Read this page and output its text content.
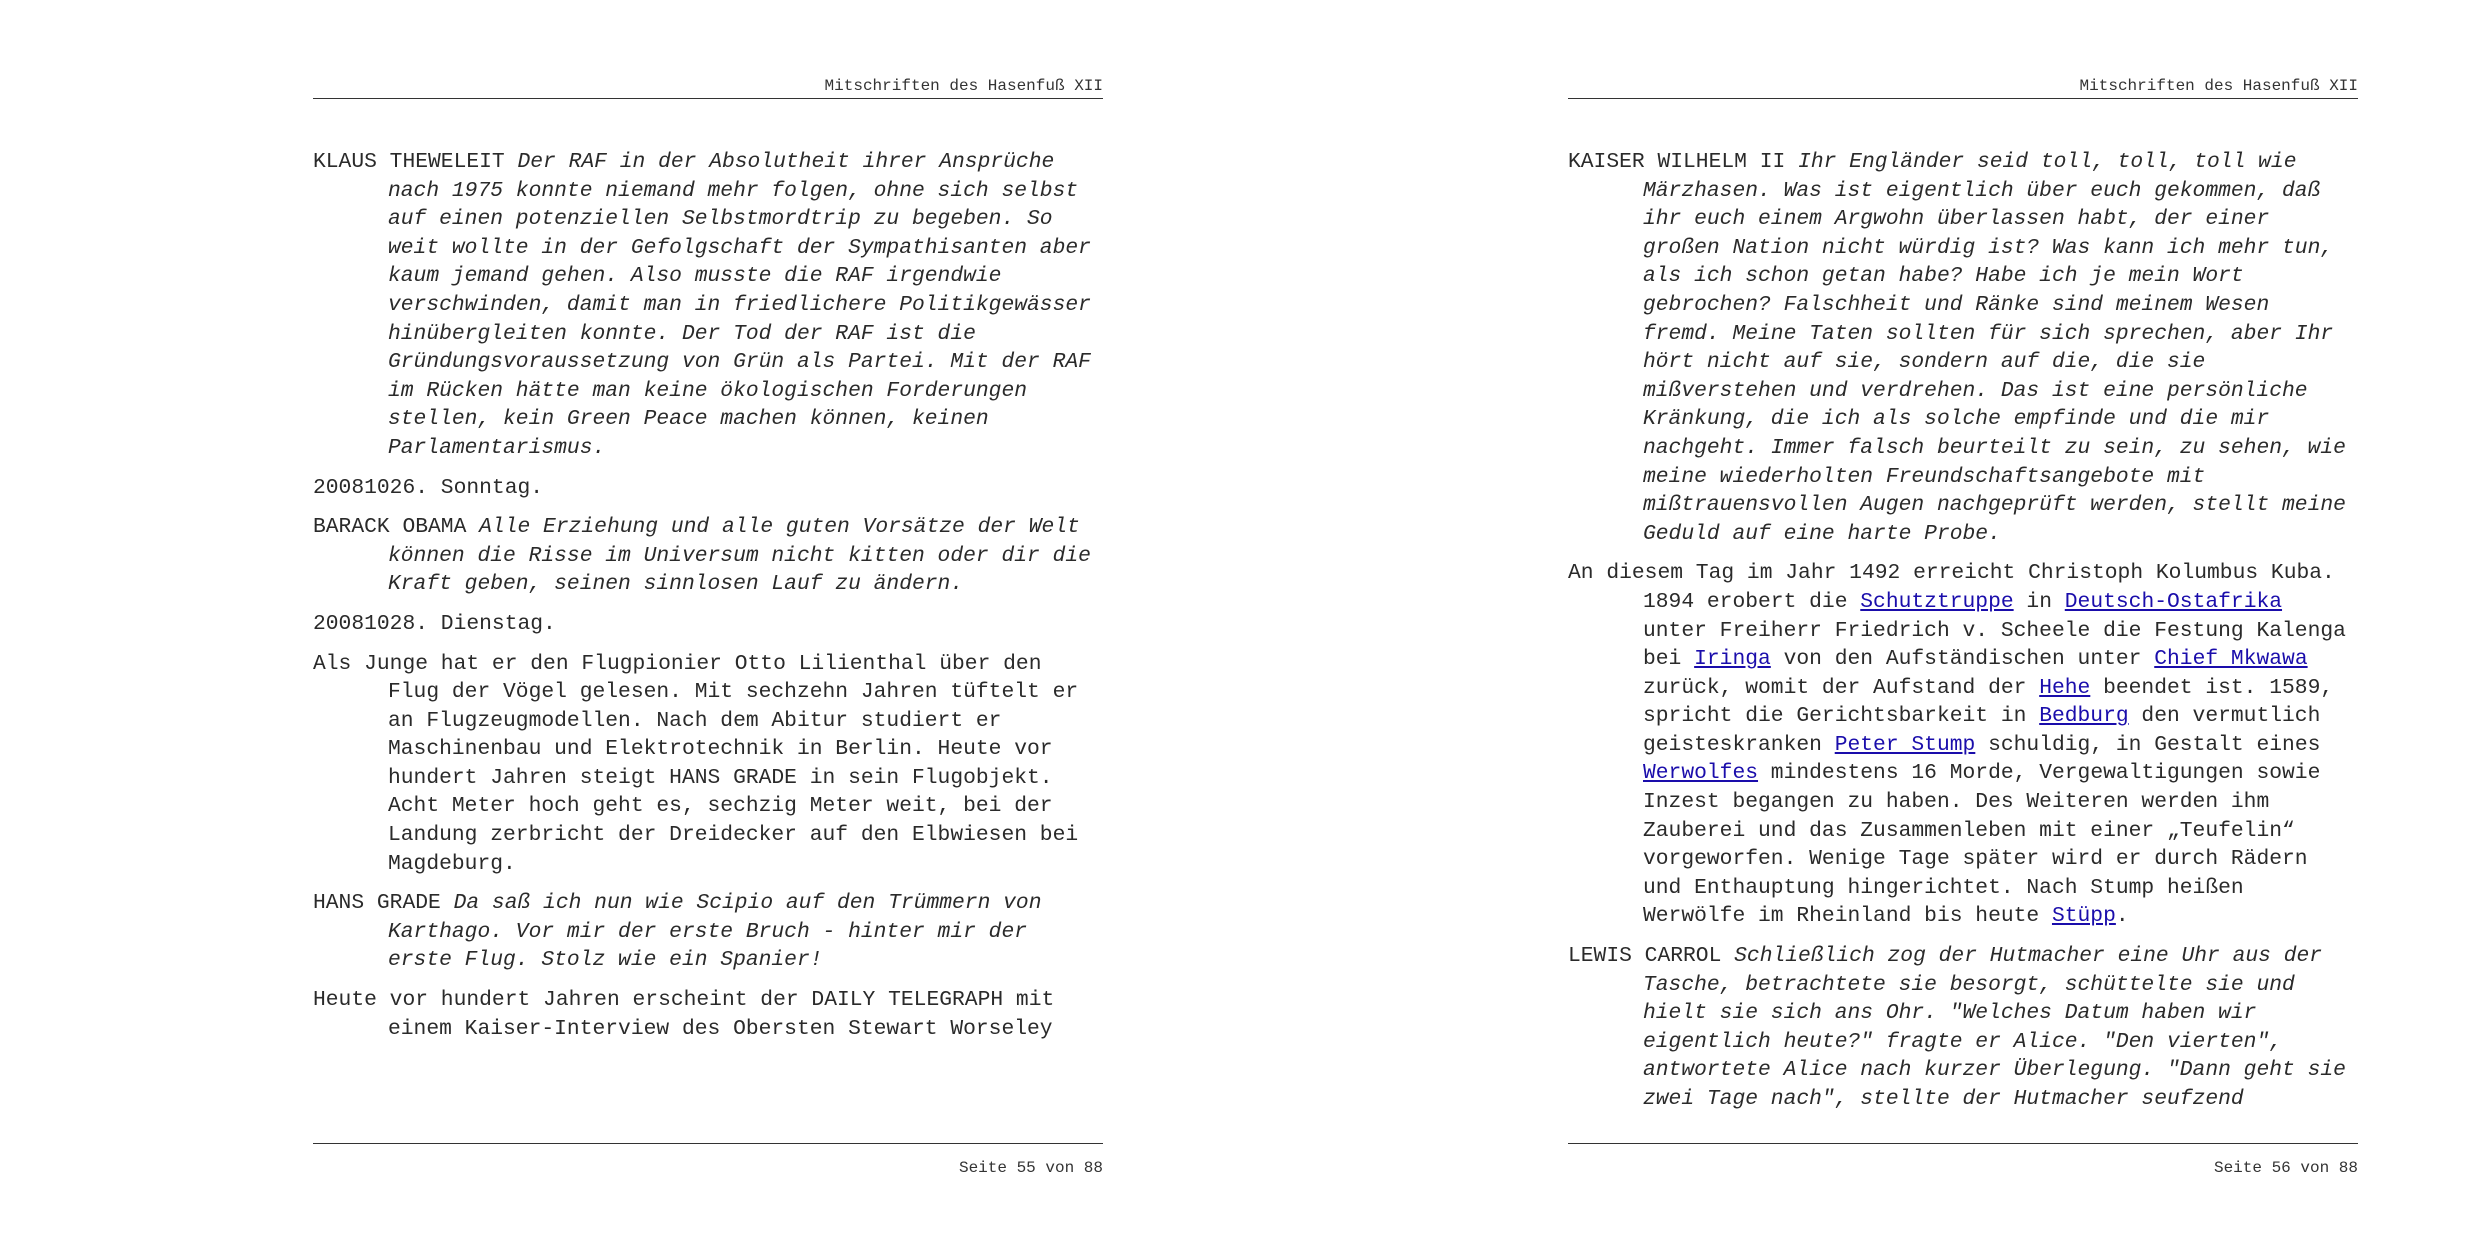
Mitschriften des Hasenfuß XII

KLAUS THEWELEIT Der RAF in der Absolutheit ihrer Ansprüche nach 1975 konnte niemand mehr folgen, ohne sich selbst auf einen potenziellen Selbstmordtrip zu begeben. So weit wollte in der Gefolgschaft der Sympathisanten aber kaum jemand gehen. Also musste die RAF irgendwie verschwinden, damit man in friedlichere Politikgewässer hinübergleiten konnte. Der Tod der RAF ist die Gründungsvoraussetzung von Grün als Partei. Mit der RAF im Rücken hätte man keine ökologischen Forderungen stellen, kein Green Peace machen können, keinen Parlamentarismus.

20081026. Sonntag.

BARACK OBAMA Alle Erziehung und alle guten Vorsätze der Welt können die Risse im Universum nicht kitten oder dir die Kraft geben, seinen sinnlosen Lauf zu ändern.

20081028. Dienstag.

Als Junge hat er den Flugpionier Otto Lilienthal über den Flug der Vögel gelesen. Mit sechzehn Jahren tüftelt er an Flugzeugmodellen. Nach dem Abitur studiert er Maschinenbau und Elektrotechnik in Berlin. Heute vor hundert Jahren steigt HANS GRADE in sein Flugobjekt. Acht Meter hoch geht es, sechzig Meter weit, bei der Landung zerbricht der Dreidecker auf den Elbwiesen bei Magdeburg.

HANS GRADE Da saß ich nun wie Scipio auf den Trümmern von Karthago. Vor mir der erste Bruch - hinter mir der erste Flug. Stolz wie ein Spanier!

Heute vor hundert Jahren erscheint der DAILY TELEGRAPH mit einem Kaiser-Interview des Obersten Stewart Worseley

Seite 55 von 88
Mitschriften des Hasenfuß XII

KAISER WILHELM II Ihr Engländer seid toll, toll, toll wie Märzhasen. Was ist eigentlich über euch gekommen, daß ihr euch einem Argwohn überlassen habt, der einer großen Nation nicht würdig ist? Was kann ich mehr tun, als ich schon getan habe? Habe ich je mein Wort gebrochen? Falschheit und Ränke sind meinem Wesen fremd. Meine Taten sollten für sich sprechen, aber Ihr hört nicht auf sie, sondern auf die, die sie mißverstehen und verdrehen. Das ist eine persönliche Kränkung, die ich als solche empfinde und die mir nachgeht. Immer falsch beurteilt zu sein, zu sehen, wie meine wiederholten Freundschaftsangebote mit mißtrauensvollen Augen nachgeprüft werden, stellt meine Geduld auf eine harte Probe.

An diesem Tag im Jahr 1492 erreicht Christoph Kolumbus Kuba. 1894 erobert die Schutztruppe in Deutsch-Ostafrika unter Freiherr Friedrich v. Scheele die Festung Kalenga bei Iringa von den Aufständischen unter Chief Mkwawa zurück, womit der Aufstand der Hehe beendet ist. 1589, spricht die Gerichtsbarkeit in Bedburg den vermutlich geisteskranken Peter Stump schuldig, in Gestalt eines Werwolfes mindestens 16 Morde, Vergewaltigungen sowie Inzest begangen zu haben. Des Weiteren werden ihm Zauberei und das Zusammenleben mit einer „Teufelin“ vorgeworfen. Wenige Tage später wird er durch Rädern und Enthauptung hingerichtet. Nach Stump heißen Werwölfe im Rheinland bis heute Stüpp.

LEWIS CARROL Schließlich zog der Hutmacher eine Uhr aus der Tasche, betrachtete sie besorgt, schüttelte sie und hielt sie sich ans Ohr. "Welches Datum haben wir eigentlich heute?" fragte er Alice. "Den vierten", antwortete Alice nach kurzer Überlegung. "Dann geht sie zwei Tage nach", stellte der Hutmacher seufzend

Seite 56 von 88
